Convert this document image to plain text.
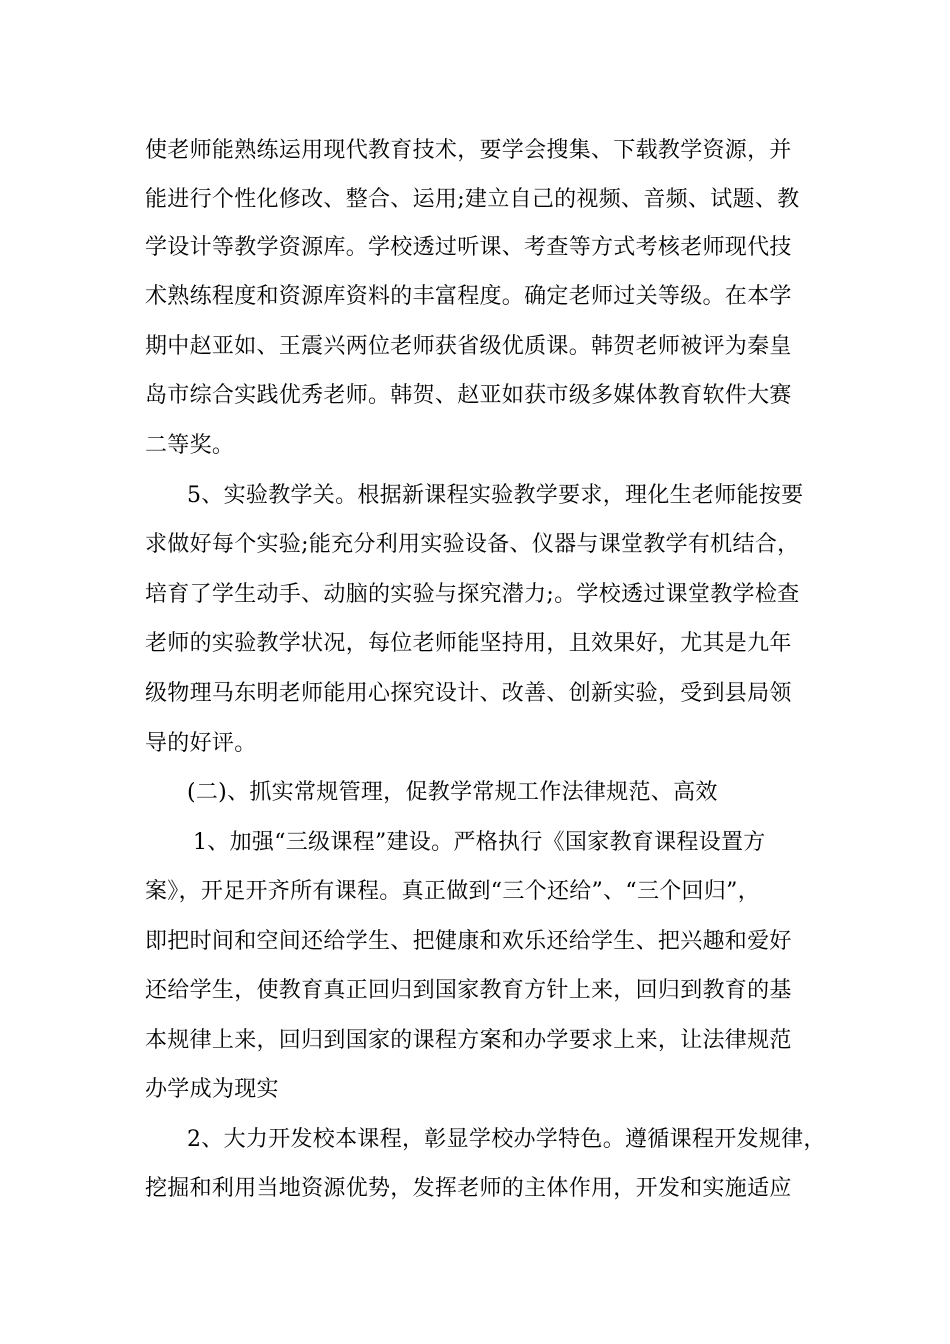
使老师能熟练运用现代教育技术，要学会搜集、下载教学资源，并
能进行个性化修改、整合、运用;建立自己的视频、音频、试题、教
学设计等教学资源库。学校透过听课、考查等方式考核老师现代技
术熟练程度和资源库资料的丰富程度。确定老师过关等级。在本学
期中赵亚如、王震兴两位老师获省级优质课。韩贺老师被评为秦皇
岛市综合实践优秀老师。韩贺、赵亚如获市级多媒体教育软件大赛
二等奖。
5、实验教学关。根据新课程实验教学要求，理化生老师能按要
求做好每个实验;能充分利用实验设备、仪器与课堂教学有机结合，
培育了学生动手、动脑的实验与探究潜力;。学校透过课堂教学检查
老师的实验教学状况，每位老师能坚持用，且效果好，尤其是九年
级物理马东明老师能用心探究设计、改善、创新实验，受到县局领
导的好评。
(二)、抓实常规管理，促教学常规工作法律规范、高效
1、加强“三级课程”建设。严格执行《国家教育课程设置方
案》，开足开齐所有课程。真正做到“三个还给”、“三个回归”，
即把时间和空间还给学生、把健康和欢乐还给学生、把兴趣和爱好
还给学生，使教育真正回归到国家教育方针上来，回归到教育的基
本规律上来，回归到国家的课程方案和办学要求上来，让法律规范
办学成为现实
2、大力开发校本课程，彰显学校办学特色。遵循课程开发规律，
挖掘和利用当地资源优势，发挥老师的主体作用，开发和实施适应
